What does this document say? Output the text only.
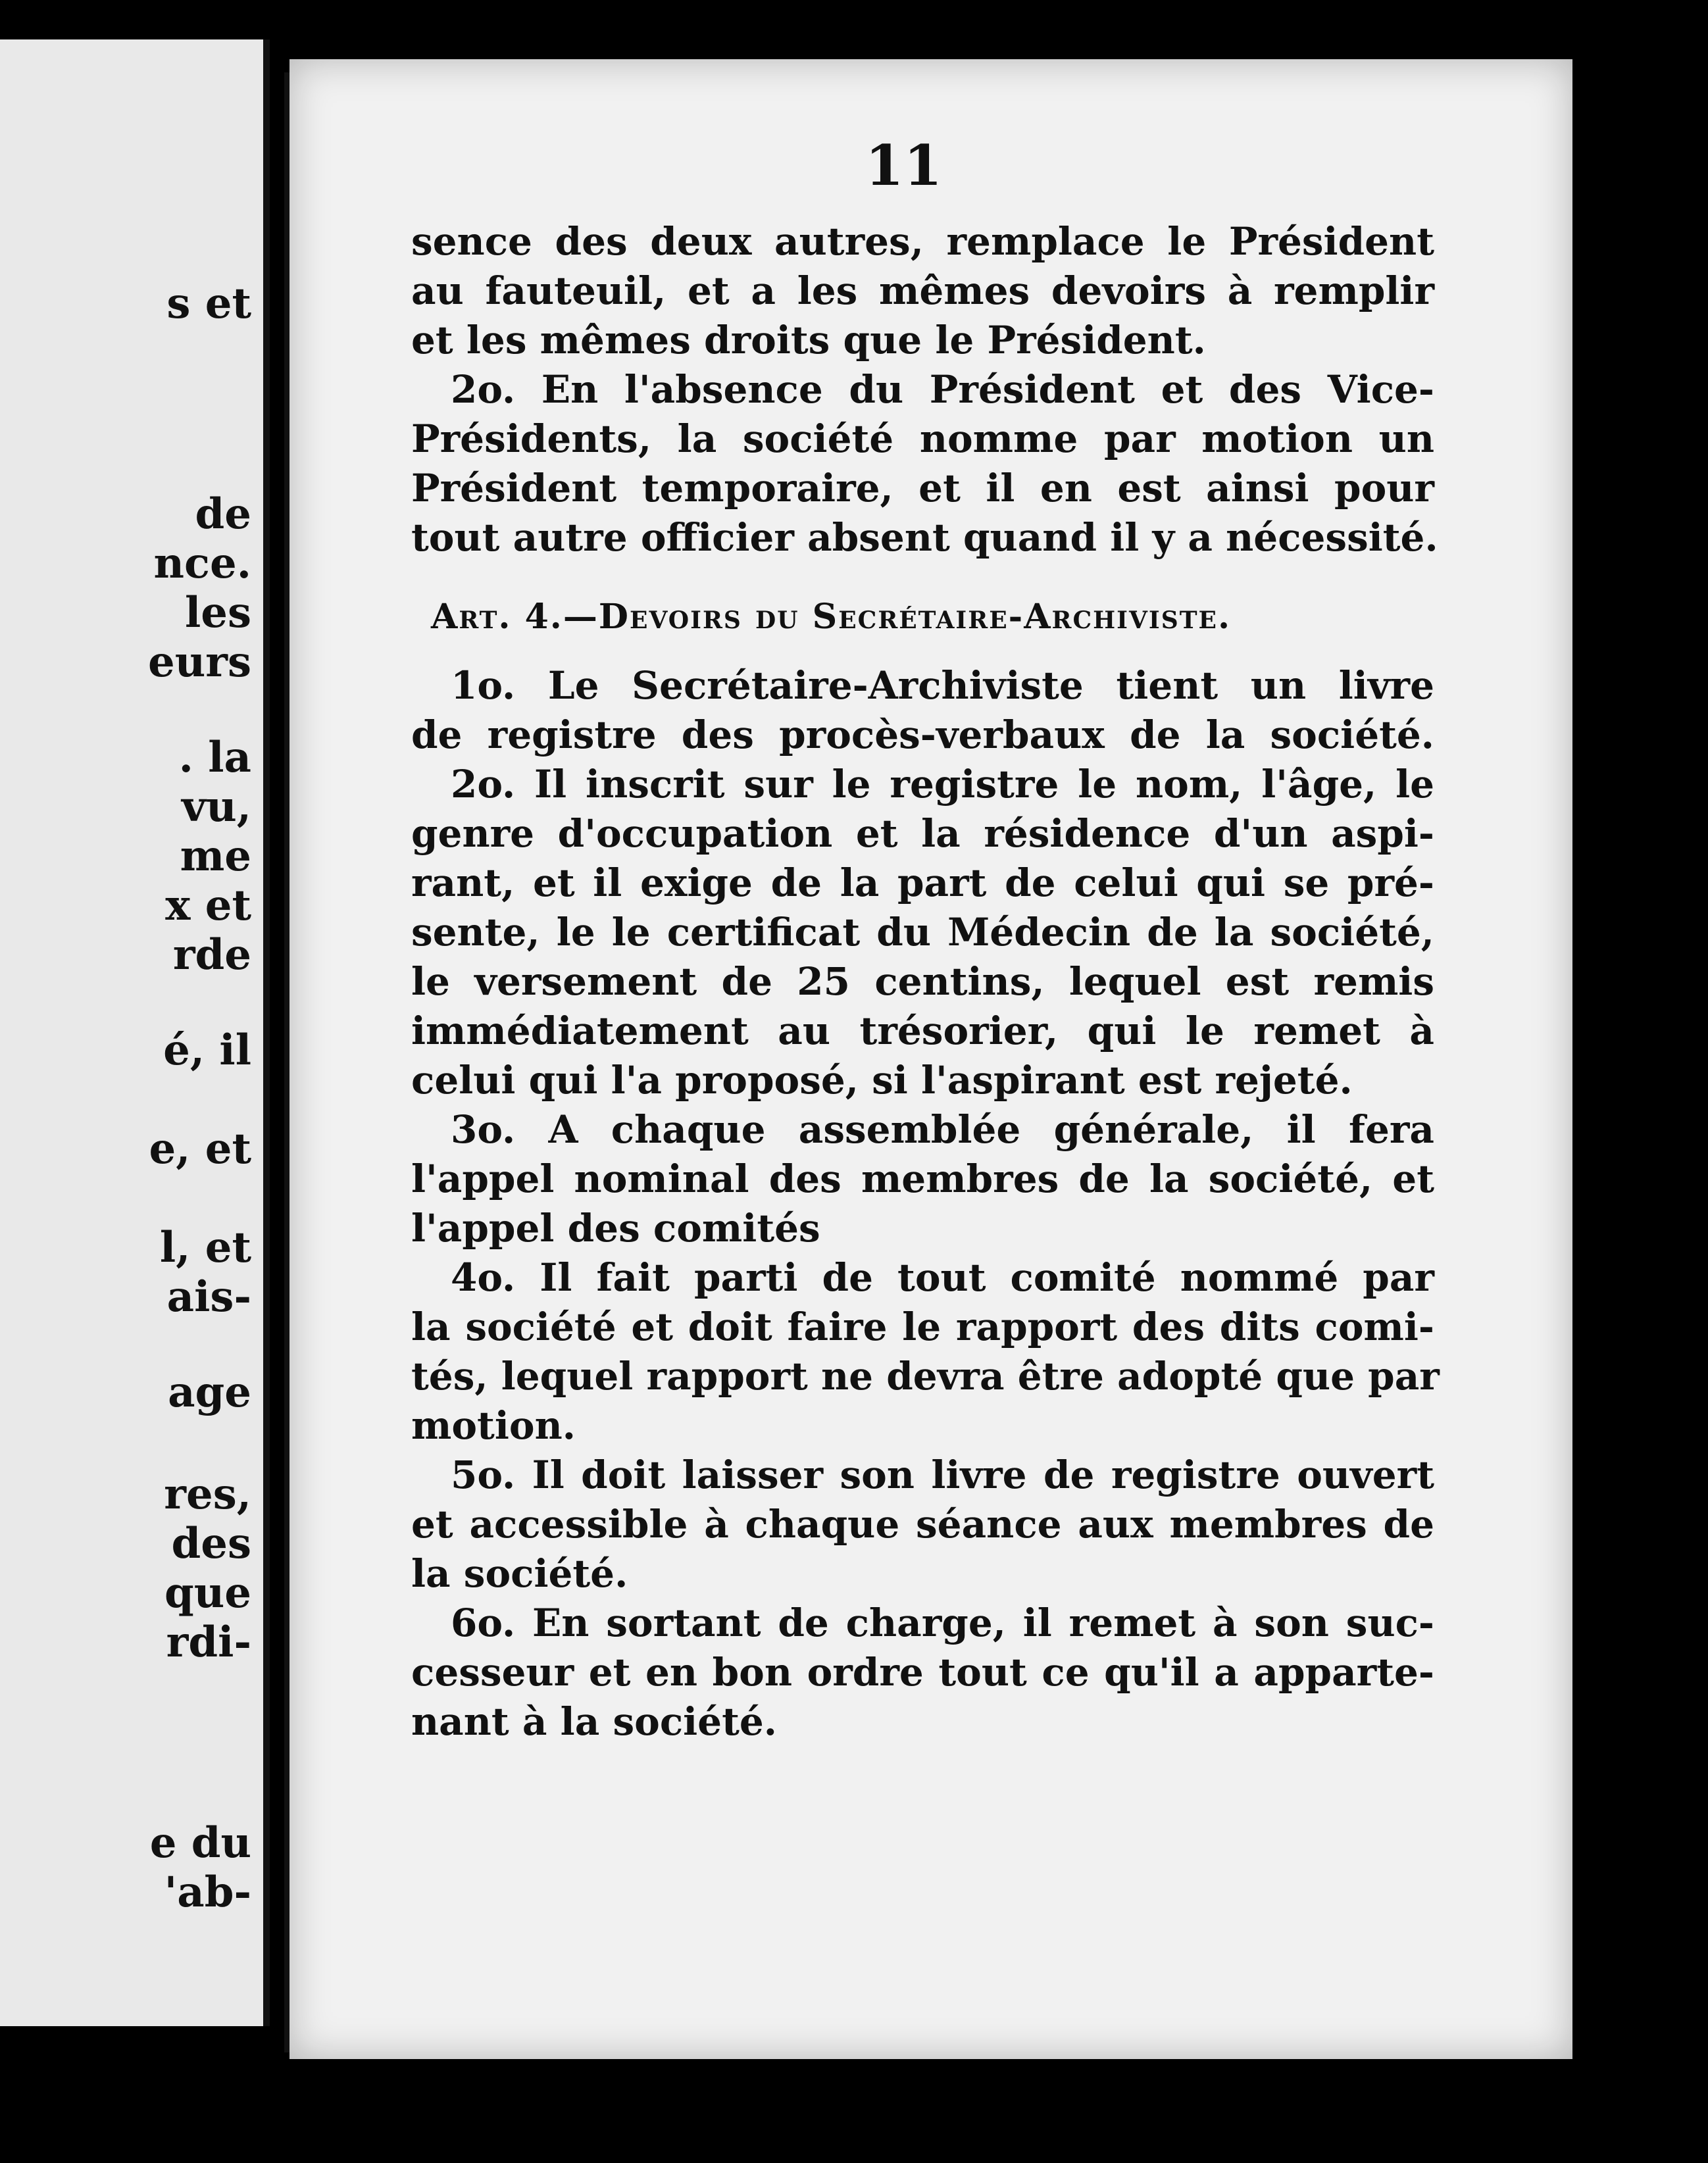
s et
de
nce.
les
eurs
. la
vu,
me
x et
rde
é, il
e, et
l, et
ais-
age
res,
des
que
rdi-
e du
'ab-
11
sence des deux autres, remplace le Président
au fauteuil, et a les mêmes devoirs à remplir
et les mêmes droits que le Président.
2o. En l'absence du Président et des Vice-
Présidents, la société nomme par motion un
Président temporaire, et il en est ainsi pour
tout autre officier absent quand il y a nécessité.
Art. 4.—Devoirs du Secrétaire-Archiviste.
1o. Le Secrétaire-Archiviste tient un livre
de registre des procès-verbaux de la société.
2o. Il inscrit sur le registre le nom, l'âge, le
genre d'occupation et la résidence d'un aspi-
rant, et il exige de la part de celui qui se pré-
sente, le le certificat du Médecin de la société,
le versement de 25 centins, lequel est remis
immédiatement au trésorier, qui le remet à
celui qui l'a proposé, si l'aspirant est rejeté.
3o. A chaque assemblée générale, il fera
l'appel nominal des membres de la société, et
l'appel des comités
4o. Il fait parti de tout comité nommé par
la société et doit faire le rapport des dits comi-
tés, lequel rapport ne devra être adopté que par
motion.
5o. Il doit laisser son livre de registre ouvert
et accessible à chaque séance aux membres de
la société.
6o. En sortant de charge, il remet à son suc-
cesseur et en bon ordre tout ce qu'il a apparte-
nant à la société.
